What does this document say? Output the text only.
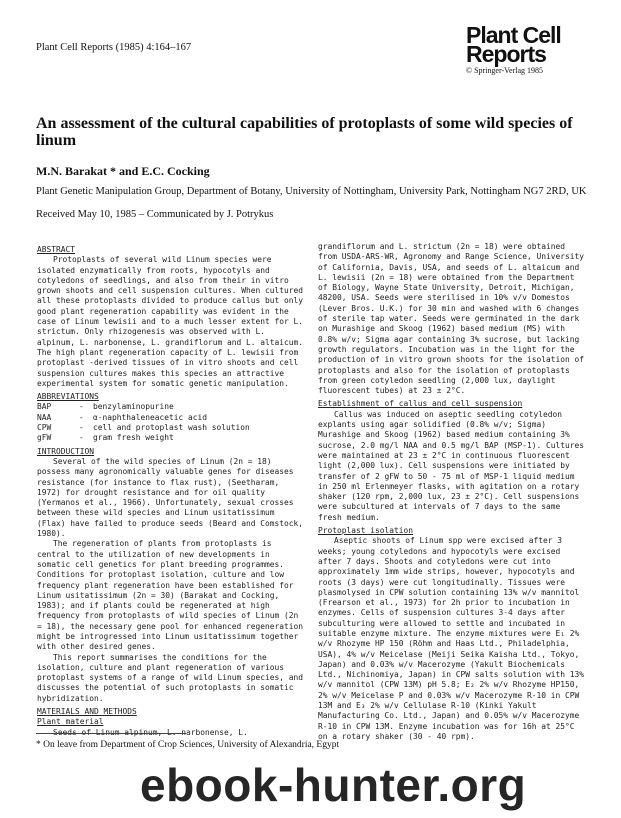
Plant Cell Reports (1985) 4:164–167	Plant Cell
Reports
© Springer-Verlag 1985
An assessment of the cultural capabilities of protoplasts of some wild species of linum
M.N. Barakat * and E.C. Cocking
Plant Genetic Manipulation Group, Department of Botany, University of Nottingham, University Park, Nottingham NG7 2RD, UK
Received May 10, 1985 – Communicated by J. Potrykus
ABSTRACT

Protoplasts of several wild Linum species were isolated enzymatically from roots, hypocotyls and cotyledons of seedlings, and also from their in vitro grown shoots and cell suspension cultures. When cultured all these protoplasts divided to produce callus but only good plant regeneration capability was evident in the case of Linum lewisii and to a much lesser extent for L. strictum. Only rhizogenesis was observed with L. alpinum, L. narbonense, L. grandiflorum and L. altaicum. The high plant regeneration capacity of L. lewisii from protoplast -derived tissues of in vitro shoots and cell suspension cultures makes this species an attractive experimental system for somatic genetic manipulation.

ABBREVIATIONS
BAP	-	benzylaminopurine
NAA	-	α-naphthaleneacetic acid
CPW	-	cell and protoplast wash solution
gFW	-	gram fresh weight
INTRODUCTION

Several of the wild species of Linum (2n = 18) possess many agronomically valuable genes for diseases resistance (for instance to flax rust), (Seetharam, 1972) for drought resistance and for oil quality (Yermanos et al., 1966). Unfortunately, sexual crosses between these wild species and Linum usitatissimum (Flax) have failed to produce seeds (Beard and Comstock, 1980).

The regeneration of plants from protoplasts is central to the utilization of new developments in somatic cell genetics for plant breeding programmes. Conditions for protoplast isolation, culture and low frequency plant regeneration have been established for Linum usitatissimum (2n = 30) (Barakat and Cocking, 1983); and if plants could be regenerated at high frequency from protoplasts of wild species of Linum (2n = 18), the necessary gene pool for enhanced regeneration might be introgressed into Linum usitatissimum together with other desired genes.

This report summarises the conditions for the isolation, culture and plant regeneration of various protoplast systems of a range of wild Linum species, and discusses the potential of such protoplasts in somatic hybridization.

MATERIALS AND METHODS
Plant material

Seeds of Linum alpinum, L. narbonense, L.

grandiflorum and L. strictum (2n = 18) were obtained from USDA-ARS-WR, Agronomy and Range Science, University of California, Davis, USA, and seeds of L. altaicum and L. lewisii (2n = 18) were obtained from the Department of Biology, Wayne State University, Detroit, Michigan, 48200, USA. Seeds were sterilised in 10% v/v Domestos (Lever Bros. U.K.) for 30 min and washed with 6 changes of sterile tap water. Seeds were germinated in the dark on Murashige and Skoog (1962) based medium (MS) with 0.8% w/v; Sigma agar containing 3% sucrose, but lacking growth regulators. Incubation was in the light for the production of in vitro grown shoots for the isolation of protoplasts and also for the isolation of protoplasts from green cotyledon seedling (2,000 lux, daylight fluorescent tubes) at 23 ± 2°C.

Establishment of callus and cell suspension

Callus was induced on aseptic seedling cotyledon explants using agar solidified (0.8% w/v; Sigma) Murashige and Skoog (1962) based medium containing 3% sucrose, 2.0 mg/l NAA and 0.5 mg/l BAP (MSP-1). Cultures were maintained at 23 ± 2°C in continuous fluorescent light (2,000 lux). Cell suspensions were initiated by transfer of 2 gFW to 50 - 75 ml of MSP-1 liquid medium in 250 ml Erlenmeyer flasks, with agitation on a rotary shaker (120 rpm, 2,000 lux, 23 ± 2°C). Cell suspensions were subcultured at intervals of 7 days to the same fresh medium.

Protoplast isolation

Aseptic shoots of Linum spp were excised after 3 weeks; young cotyledons and hypocotyls were excised after 7 days. Shoots and cotyledons were cut into approximately 1mm wide strips, however, hypocotyls and roots (3 days) were cut longitudinally. Tissues were plasmolysed in CPW solution containing 13% w/v mannitol (Frearson et al., 1973) for 2h prior to incubation in enzymes. Cells of suspension cultures 3-4 days after subculturing were allowed to settle and incubated in suitable enzyme mixture. The enzyme mixtures were E₁ 2% w/v Rhozyme HP 150 (Röhm and Haas Ltd., Philadelphia, USA), 4% w/v Meicelase (Meiji Seika Kaisha Ltd., Tokyo, Japan) and 0.03% w/v Macerozyme (Yakult Biochemicals Ltd., Nichinomiya, Japan) in CPW salts solution with 13% w/v mannitol (CPW 13M) pH 5.8; E₂ 2% w/v Rhozyme HP150, 2% w/v Meicelase P and 0.03% w/v Macerozyme R-10 in CPW 13M and E₃ 2% w/v Cellulase R-10 (Kinki Yakult Manufacturing Co. Ltd., Japan) and 0.05% w/v Macerozyme R-10 in CPW 13M. Enzyme incubation was for 16h at 25°C on a rotary shaker (30 - 40 rpm).

* On leave from Department of Crop Sciences, University of Alexandria, Egypt
ebook-hunter.org
